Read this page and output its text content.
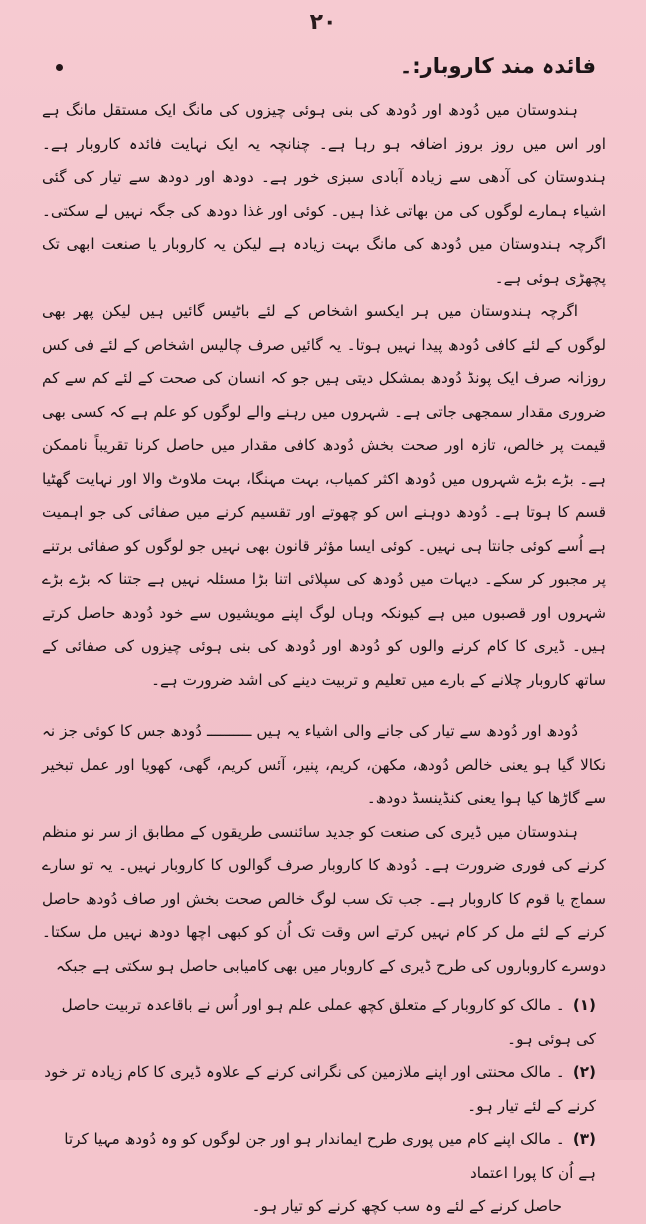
۲۰
فائدہ مند کاروبار:۔

ہندوستان میں دُودھ اور دُودھ کی بنی ہوئی چیزوں کی مانگ ایک مستقل مانگ ہے اور اس میں روز بروز اضافہ ہو رہا ہے۔ چنانچہ یہ ایک نہایت فائدہ کاروبار ہے۔ ہندوستان کی آدھی سے زیادہ آبادی سبزی خور ہے۔ دودھ اور دودھ سے تیار کی گئی اشیاء ہمارے لوگوں کی من بھاتی غذا ہیں۔ کوئی اور غذا دودھ کی جگہ نہیں لے سکتی۔ اگرچہ ہندوستان میں دُودھ کی مانگ بہت زیادہ ہے لیکن یہ کاروبار یا صنعت ابھی تک پچھڑی ہوئی ہے۔

اگرچہ ہندوستان میں ہر ایکسو اشخاص کے لئے باٹیس گائیں ہیں لیکن پھر بھی لوگوں کے لئے کافی دُودھ پیدا نہیں ہوتا۔ یہ گائیں صرف چالیس اشخاص کے لئے فی کس روزانہ صرف ایک پونڈ دُودھ بمشکل دیتی ہیں جو کہ انسان کی صحت کے لئے کم سے کم ضروری مقدار سمجھی جاتی ہے۔ شہروں میں رہنے والے لوگوں کو علم ہے کہ کسی بھی قیمت پر خالص، تازہ اور صحت بخش دُودھ کافی مقدار میں حاصل کرنا تقریباً ناممکن ہے۔ بڑے بڑے شہروں میں دُودھ اکثر کمیاب، بہت مہنگا، بہت ملاوٹ والا اور نہایت گھٹیا قسم کا ہوتا ہے۔ دُودھ دوہنے اس کو چھوتے اور تقسیم کرنے میں صفائی کی جو اہمیت ہے اُسے کوئی جانتا ہی نہیں۔ کوئی ایسا مؤثر قانون بھی نہیں جو لوگوں کو صفائی برتنے پر مجبور کر سکے۔ دیہات میں دُودھ کی سپلائی اتنا بڑا مسئلہ نہیں ہے جتنا کہ بڑے بڑے شہروں اور قصبوں میں ہے کیونکہ وہاں لوگ اپنے مویشیوں سے خود دُودھ حاصل کرتے ہیں۔ ڈیری کا کام کرنے والوں کو دُودھ اور دُودھ کی بنی ہوئی چیزوں کی صفائی کے ساتھ کاروبار چلانے کے بارے میں تعلیم و تربیت دینے کی اشد ضرورت ہے۔

دُودھ اور دُودھ سے تیار کی جانے والی اشیاء یہ ہیں ــــــــــ دُودھ جس کا کوئی جز نہ نکالا گیا ہو یعنی خالص دُودھ، مکھن، کریم، پنیر، آئس کریم، گھی، کھویا اور عمل تبخیر سے گاڑھا کیا ہوا یعنی کنڈینسڈ دودھ۔

ہندوستان میں ڈیری کی صنعت کو جدید سائنسی طریقوں کے مطابق از سر نو منظم کرنے کی فوری ضرورت ہے۔ دُودھ کا کاروبار صرف گوالوں کا کاروبار نہیں۔ یہ تو سارے سماج یا قوم کا کاروبار ہے۔ جب تک سب لوگ خالص صحت بخش اور صاف دُودھ حاصل کرنے کے لئے مل کر کام نہیں کرتے اس وقت تک اُن کو کبھی اچھا دودھ نہیں مل سکتا۔ دوسرے کاروباروں کی طرح ڈیری کے کاروبار میں بھی کامیابی حاصل ہو سکتی ہے جبکہ

(۱)۔ مالک کو کاروبار کے متعلق کچھ عملی علم ہو اور اُس نے باقاعدہ تربیت حاصل کی ہوئی ہو۔
(۲)۔ مالک محنتی اور اپنے ملازمین کی نگرانی کرنے کے علاوہ ڈیری کا کام زیادہ تر خود کرنے کے لئے تیار ہو۔
(۳)۔ مالک اپنے کام میں پوری طرح ایماندار ہو اور جن لوگوں کو وہ دُودھ مہیا کرتا ہے اُن کا پورا اعتماد
حاصل کرنے کے لئے وہ سب کچھ کرنے کو تیار ہو۔
